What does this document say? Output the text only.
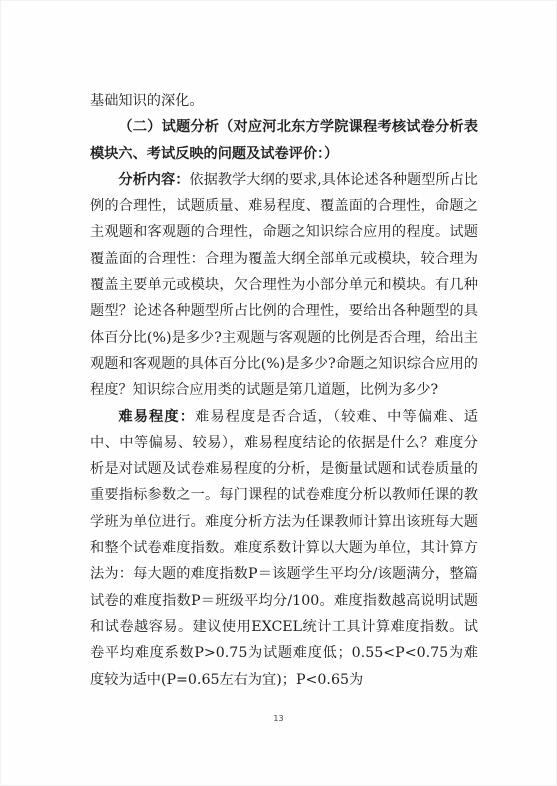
基础知识的深化。

（二）试题分析（对应河北东方学院课程考核试卷分析表模块六、考试反映的问题及试卷评价：）

分析内容：依据教学大纲的要求,具体论述各种题型所占比例的合理性，试题质量、难易程度、覆盖面的合理性，命题之主观题和客观题的合理性，命题之知识综合应用的程度。试题覆盖面的合理性：合理为覆盖大纲全部单元或模块，较合理为覆盖主要单元或模块，欠合理性为小部分单元和模块。有几种题型？论述各种题型所占比例的合理性，要给出各种题型的具体百分比(%)是多少?主观题与客观题的比例是否合理，给出主观题和客观题的具体百分比(%)是多少?命题之知识综合应用的程度？知识综合应用类的试题是第几道题，比例为多少?

难易程度：难易程度是否合适，（较难、中等偏难、适中、中等偏易、较易），难易程度结论的依据是什么？难度分析是对试题及试卷难易程度的分析，是衡量试题和试卷质量的重要指标参数之一。每门课程的试卷难度分析以教师任课的教学班为单位进行。难度分析方法为任课教师计算出该班每大题和整个试卷难度指数。难度系数计算以大题为单位，其计算方法为：每大题的难度指数P＝该题学生平均分/该题满分，整篇试卷的难度指数P＝班级平均分/100。难度指数越高说明试题和试卷越容易。建议使用EXCEL统计工具计算难度指数。试卷平均难度系数P>0.75为试题难度低；0.55<P<0.75为难度较为适中(P=0.65左右为宜)；P<0.65为

13
